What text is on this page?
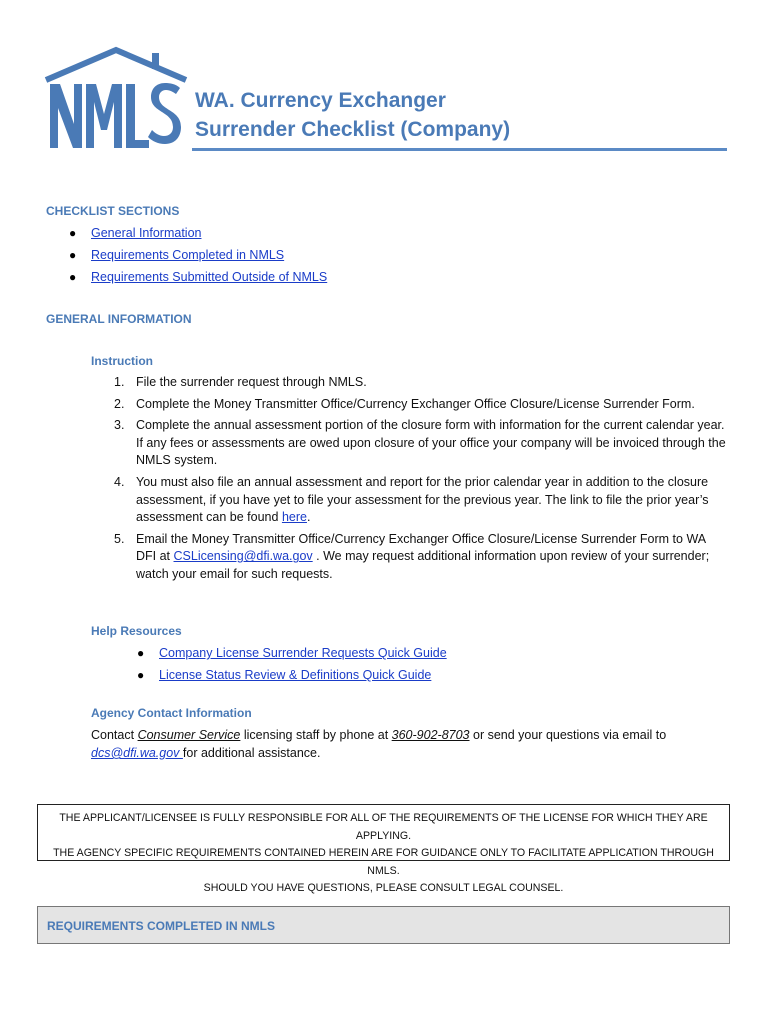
WA. Currency Exchanger
Surrender Checklist (Company)
CHECKLIST SECTIONS
● General Information
● Requirements Completed in NMLS
● Requirements Submitted Outside of NMLS
GENERAL INFORMATION
Instruction
1. File the surrender request through NMLS.
2. Complete the Money Transmitter Office/Currency Exchanger Office Closure/License Surrender Form.
3. Complete the annual assessment portion of the closure form with information for the current calendar year. If any fees or assessments are owed upon closure of your office your company will be invoiced through the NMLS system.
4. You must also file an annual assessment and report for the prior calendar year in addition to the closure assessment, if you have yet to file your assessment for the previous year. The link to file the prior year’s assessment can be found here.
5. Email the Money Transmitter Office/Currency Exchanger Office Closure/License Surrender Form to WA DFI at CSLicensing@dfi.wa.gov . We may request additional information upon review of your surrender; watch your email for such requests.
Help Resources
● Company License Surrender Requests Quick Guide
● License Status Review & Definitions Quick Guide
Agency Contact Information

Contact Consumer Service licensing staff by phone at 360-902-8703 or send your questions via email to
dcs@dfi.wa.gov for additional assistance.

THE APPLICANT/LICENSEE IS FULLY RESPONSIBLE FOR ALL OF THE REQUIREMENTS OF THE LICENSE FOR WHICH THEY ARE APPLYING.
THE AGENCY SPECIFIC REQUIREMENTS CONTAINED HEREIN ARE FOR GUIDANCE ONLY TO FACILITATE APPLICATION THROUGH NMLS.
SHOULD YOU HAVE QUESTIONS, PLEASE CONSULT LEGAL COUNSEL.
REQUIREMENTS COMPLETED IN NMLS
